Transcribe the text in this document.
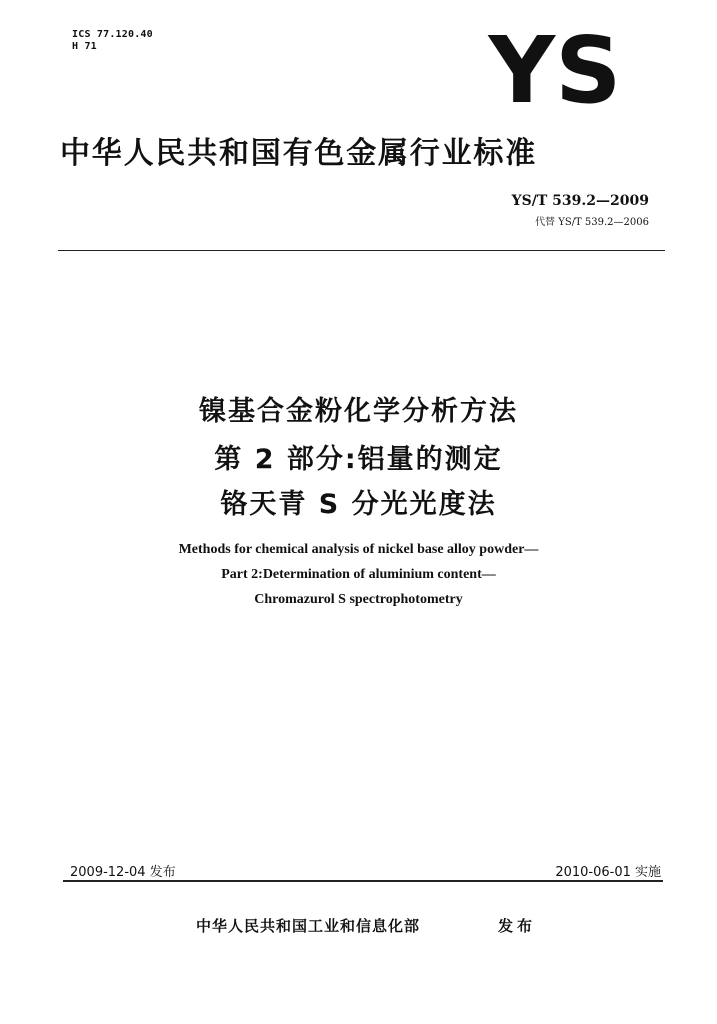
ICS 77.120.40
H 71	YS
中华人民共和国有色金属行业标准
YS/T 539.2—2009
代替 YS/T 539.2—2006
镍基合金粉化学分析方法
第 2 部分:铝量的测定
铬天青 S 分光光度法
Methods for chemical analysis of nickel base alloy powder—
Part 2:Determination of aluminium content—
Chromazurol S spectrophotometry
2009-12-04 发布	2010-06-01 实施
中华人民共和国工业和信息化部	发布
